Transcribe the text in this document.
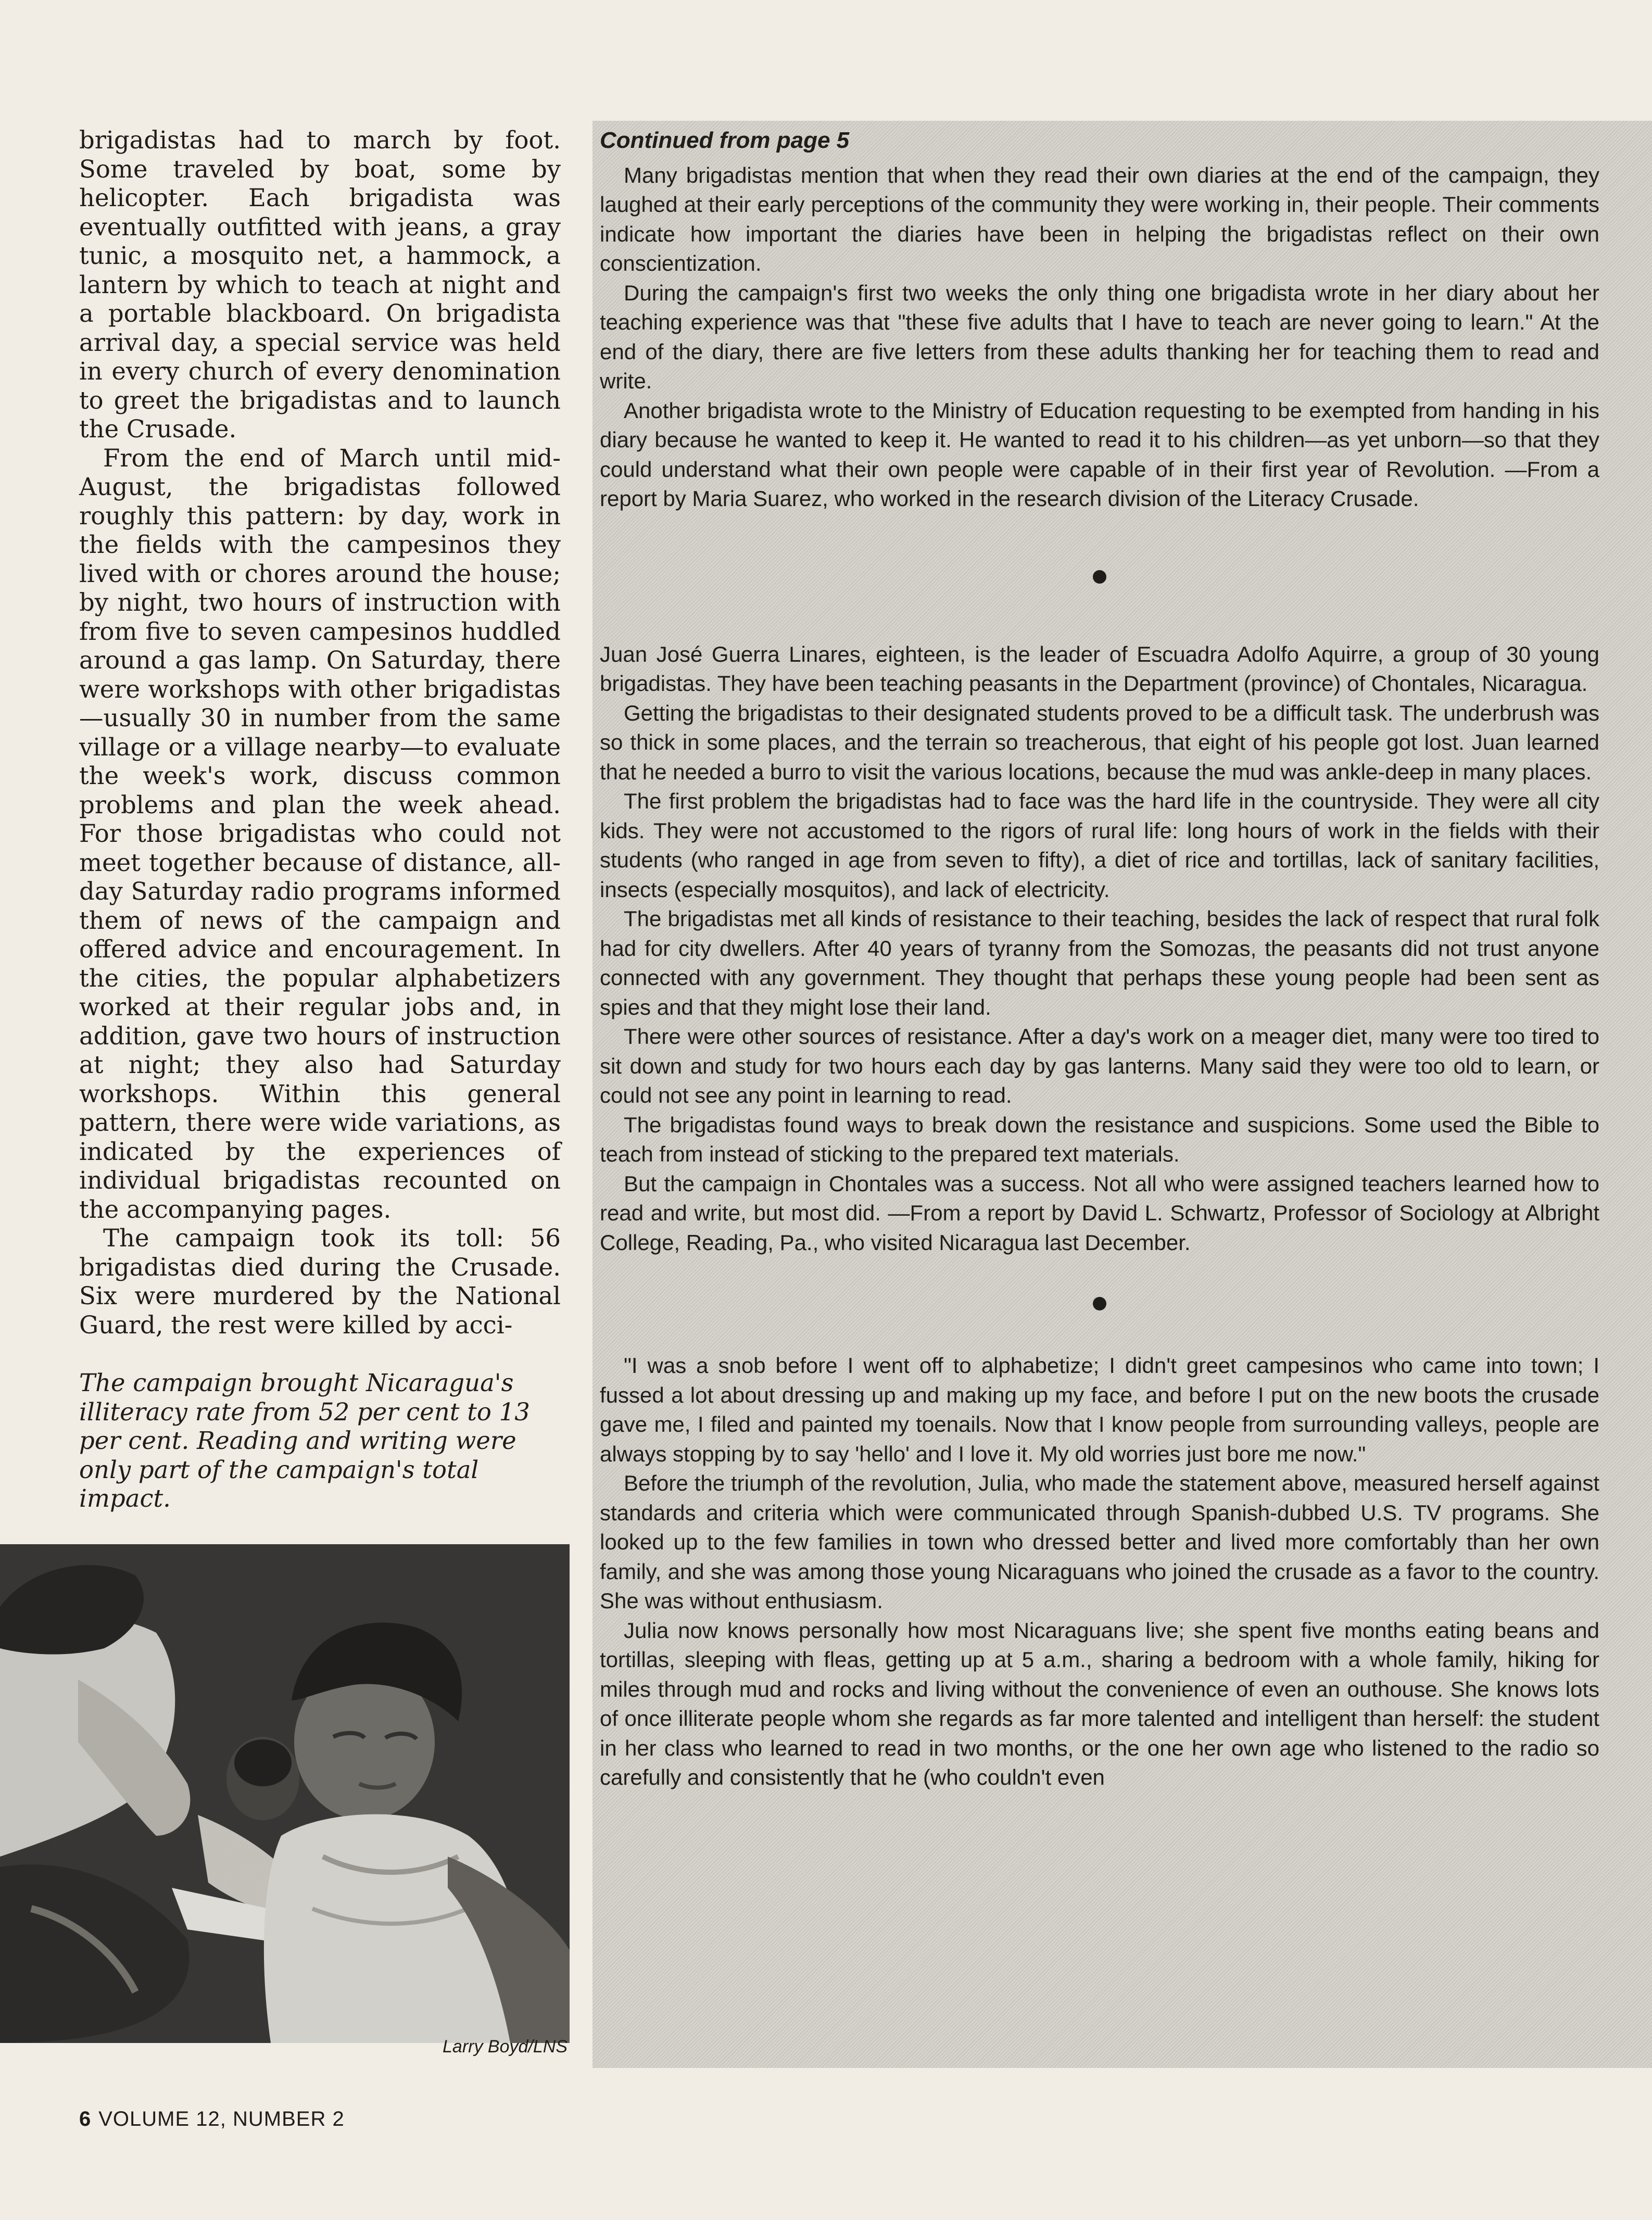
brigadistas had to march by foot. Some traveled by boat, some by helicopter. Each brigadista was eventually outfitted with jeans, a gray tunic, a mosquito net, a hammock, a lantern by which to teach at night and a portable blackboard. On brigadista arrival day, a special service was held in every church of every denomination to greet the brigadistas and to launch the Crusade.

From the end of March until mid-August, the brigadistas followed roughly this pattern: by day, work in the fields with the campesinos they lived with or chores around the house; by night, two hours of instruction with from five to seven campesinos huddled around a gas lamp. On Saturday, there were workshops with other brigadistas—usually 30 in number from the same village or a village nearby—to evaluate the week's work, discuss common problems and plan the week ahead. For those brigadistas who could not meet together because of distance, all-day Saturday radio programs informed them of news of the campaign and offered advice and encouragement. In the cities, the popular alphabetizers worked at their regular jobs and, in addition, gave two hours of instruction at night; they also had Saturday workshops. Within this general pattern, there were wide variations, as indicated by the experiences of individual brigadistas recounted on the accompanying pages.

The campaign took its toll: 56 brigadistas died during the Crusade. Six were murdered by the National Guard, the rest were killed by acci-

The campaign brought Nicaragua's illiteracy rate from 52 per cent to 13 per cent. Reading and writing were only part of the campaign's total impact.

Larry Boyd/LNS

Continued from page 5

Many brigadistas mention that when they read their own diaries at the end of the campaign, they laughed at their early perceptions of the community they were working in, their people. Their comments indicate how important the diaries have been in helping the brigadistas reflect on their own conscientization.

During the campaign's first two weeks the only thing one brigadista wrote in her diary about her teaching experience was that "these five adults that I have to teach are never going to learn." At the end of the diary, there are five letters from these adults thanking her for teaching them to read and write.

Another brigadista wrote to the Ministry of Education requesting to be exempted from handing in his diary because he wanted to keep it. He wanted to read it to his children—as yet unborn—so that they could understand what their own people were capable of in their first year of Revolution. —From a report by Maria Suarez, who worked in the research division of the Literacy Crusade.

Juan José Guerra Linares, eighteen, is the leader of Escuadra Adolfo Aquirre, a group of 30 young brigadistas. They have been teaching peasants in the Department (province) of Chontales, Nicaragua.

Getting the brigadistas to their designated students proved to be a difficult task. The underbrush was so thick in some places, and the terrain so treacherous, that eight of his people got lost. Juan learned that he needed a burro to visit the various locations, because the mud was ankle-deep in many places.

The first problem the brigadistas had to face was the hard life in the countryside. They were all city kids. They were not accustomed to the rigors of rural life: long hours of work in the fields with their students (who ranged in age from seven to fifty), a diet of rice and tortillas, lack of sanitary facilities, insects (especially mosquitos), and lack of electricity.

The brigadistas met all kinds of resistance to their teaching, besides the lack of respect that rural folk had for city dwellers. After 40 years of tyranny from the Somozas, the peasants did not trust anyone connected with any government. They thought that perhaps these young people had been sent as spies and that they might lose their land.

There were other sources of resistance. After a day's work on a meager diet, many were too tired to sit down and study for two hours each day by gas lanterns. Many said they were too old to learn, or could not see any point in learning to read.

The brigadistas found ways to break down the resistance and suspicions. Some used the Bible to teach from instead of sticking to the prepared text materials.

But the campaign in Chontales was a success. Not all who were assigned teachers learned how to read and write, but most did. —From a report by David L. Schwartz, Professor of Sociology at Albright College, Reading, Pa., who visited Nicaragua last December.

"I was a snob before I went off to alphabetize; I didn't greet campesinos who came into town; I fussed a lot about dressing up and making up my face, and before I put on the new boots the crusade gave me, I filed and painted my toenails. Now that I know people from surrounding valleys, people are always stopping by to say 'hello' and I love it. My old worries just bore me now."

Before the triumph of the revolution, Julia, who made the statement above, measured herself against standards and criteria which were communicated through Spanish-dubbed U.S. TV programs. She looked up to the few families in town who dressed better and lived more comfortably than her own family, and she was among those young Nicaraguans who joined the crusade as a favor to the country. She was without enthusiasm.

Julia now knows personally how most Nicaraguans live; she spent five months eating beans and tortillas, sleeping with fleas, getting up at 5 a.m., sharing a bedroom with a whole family, hiking for miles through mud and rocks and living without the convenience of even an outhouse. She knows lots of once illiterate people whom she regards as far more talented and intelligent than herself: the student in her class who learned to read in two months, or the one her own age who listened to the radio so carefully and consistently that he (who couldn't even

6 VOLUME 12, NUMBER 2
